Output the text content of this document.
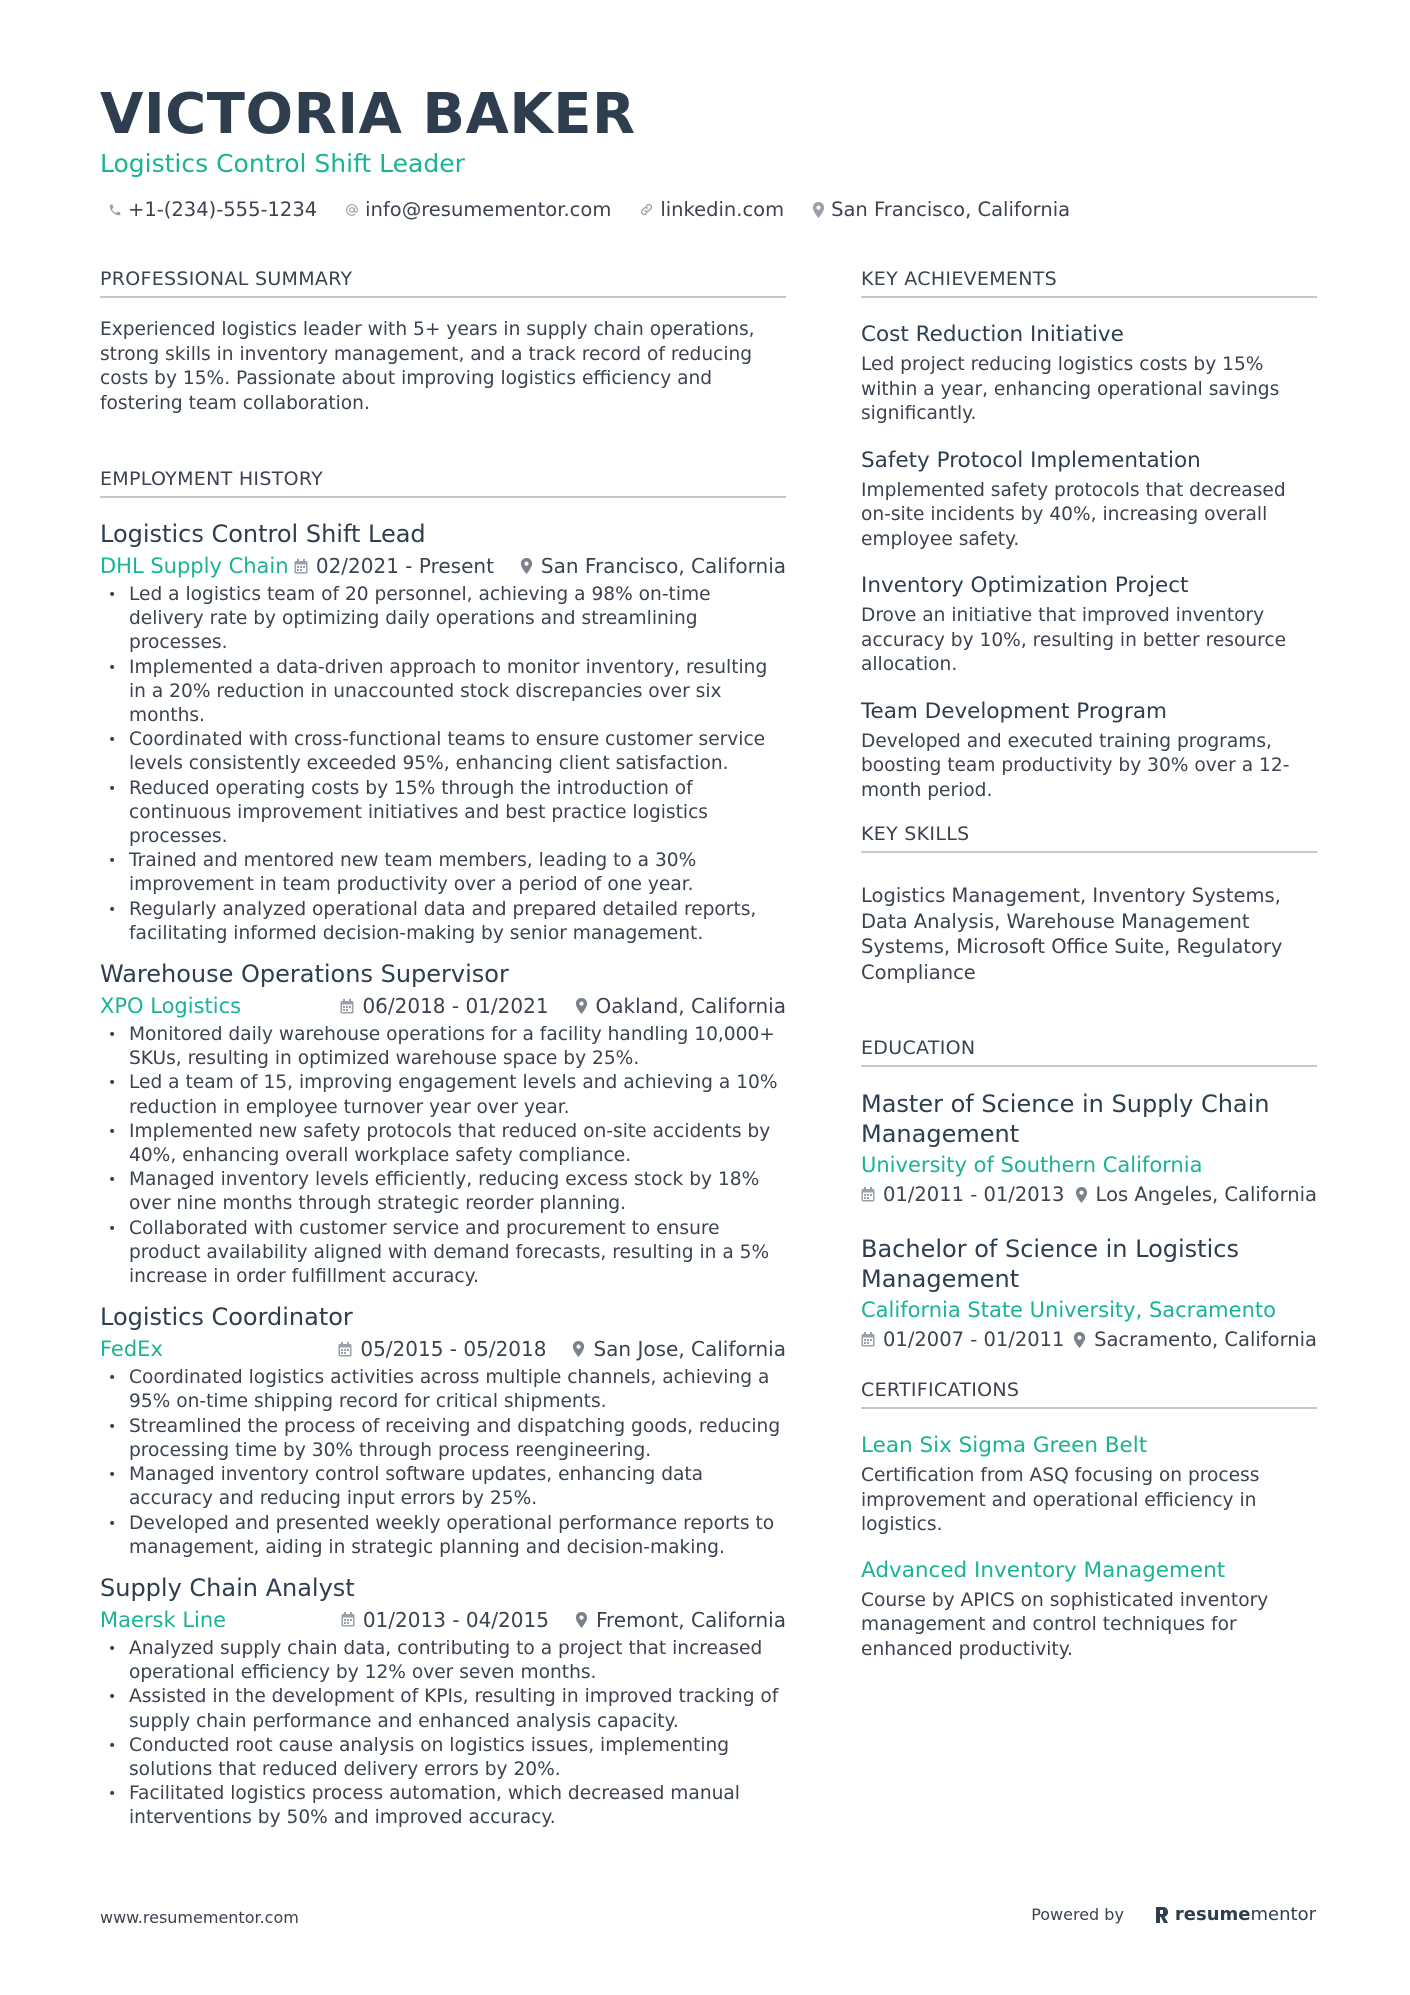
VICTORIA BAKER
Logistics Control Shift Leader
+1-(234)-555-1234 info@resumementor.com	linkedin.com San Francisco, California
PROFESSIONAL SUMMARY

Experienced logistics leader with 5+ years in supply chain operations, strong skills in inventory management, and a track record of reducing costs by 15%. Passionate about improving logistics efficiency and fostering team collaboration.

EMPLOYMENT HISTORY
Logistics Control Shift Lead
DHL Supply Chain 02/2021 - Present San Francisco, California
• Led a logistics team of 20 personnel, achieving a 98% on-time delivery rate by optimizing daily operations and streamlining processes.
• Implemented a data-driven approach to monitor inventory, resulting in a 20% reduction in unaccounted stock discrepancies over six months.
• Coordinated with cross-functional teams to ensure customer service levels consistently exceeded 95%, enhancing client satisfaction.
• Reduced operating costs by 15% through the introduction of continuous improvement initiatives and best practice logistics processes.
• Trained and mentored new team members, leading to a 30% improvement in team productivity over a period of one year.
• Regularly analyzed operational data and prepared detailed reports, facilitating informed decision-making by senior management.
Warehouse Operations Supervisor
XPO Logistics	06/2018 - 01/2021 Oakland, California
• Monitored daily warehouse operations for a facility handling 10,000+ SKUs, resulting in optimized warehouse space by 25%.
• Led a team of 15, improving engagement levels and achieving a 10% reduction in employee turnover year over year.
• Implemented new safety protocols that reduced on-site accidents by 40%, enhancing overall workplace safety compliance.
• Managed inventory levels efficiently, reducing excess stock by 18% over nine months through strategic reorder planning.
• Collaborated with customer service and procurement to ensure product availability aligned with demand forecasts, resulting in a 5% increase in order fulfillment accuracy.
Logistics Coordinator
FedEx	05/2015 - 05/2018 San Jose, California
• Coordinated logistics activities across multiple channels, achieving a 95% on-time shipping record for critical shipments.
• Streamlined the process of receiving and dispatching goods, reducing processing time by 30% through process reengineering.
• Managed inventory control software updates, enhancing data accuracy and reducing input errors by 25%.
• Developed and presented weekly operational performance reports to management, aiding in strategic planning and decision-making.
Supply Chain Analyst
Maersk Line	01/2013 - 04/2015 Fremont, California
• Analyzed supply chain data, contributing to a project that increased operational efficiency by 12% over seven months.
• Assisted in the development of KPIs, resulting in improved tracking of supply chain performance and enhanced analysis capacity.
• Conducted root cause analysis on logistics issues, implementing solutions that reduced delivery errors by 20%.
• Facilitated logistics process automation, which decreased manual interventions by 50% and improved accuracy.
KEY ACHIEVEMENTS
Cost Reduction Initiative

Led project reducing logistics costs by 15% within a year, enhancing operational savings significantly.

Safety Protocol Implementation

Implemented safety protocols that decreased on-site incidents by 40%, increasing overall employee safety.

Inventory Optimization Project

Drove an initiative that improved inventory accuracy by 10%, resulting in better resource allocation.

Team Development Program

Developed and executed training programs, boosting team productivity by 30% over a 12-month period.

KEY SKILLS

Logistics Management, Inventory Systems, Data Analysis, Warehouse Management Systems, Microsoft Office Suite, Regulatory Compliance

EDUCATION
Master of Science in Supply Chain Management
University of Southern California
01/2011 - 01/2013 Los Angeles, California
Bachelor of Science in Logistics Management
California State University, Sacramento
01/2007 - 01/2011 Sacramento, California
CERTIFICATIONS
Lean Six Sigma Green Belt

Certification from ASQ focusing on process improvement and operational efficiency in logistics.

Advanced Inventory Management

Course by APICS on sophisticated inventory management and control techniques for enhanced productivity.

www.resumementor.com	Powered by	resume mentor
